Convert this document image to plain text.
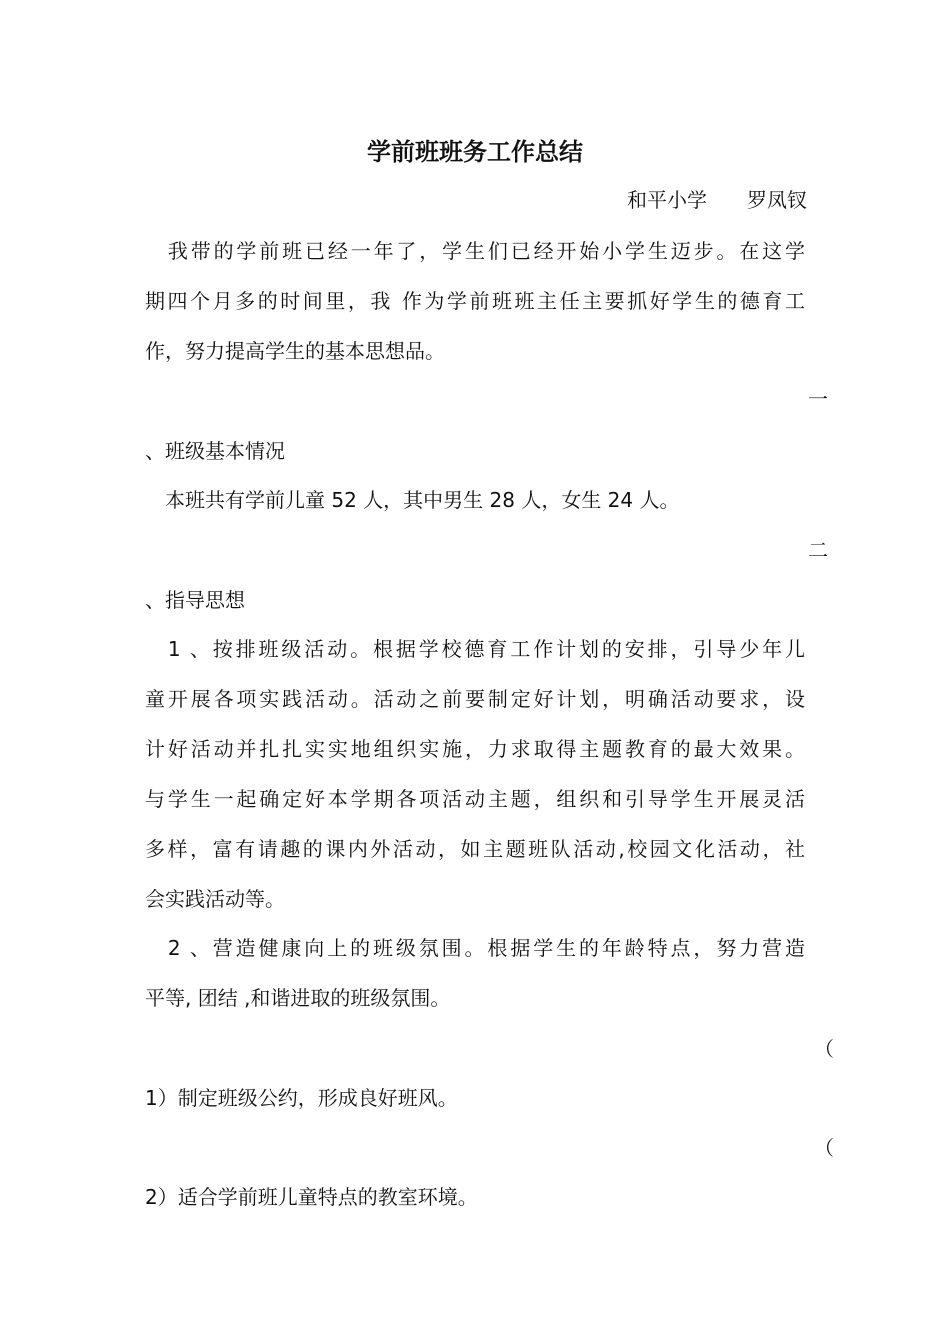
学前班班务工作总结
和平小学　　罗凤钗
　我带的学前班已经一年了，学生们已经开始小学生迈步。在这学
期四个月多的时间里，我 作为学前班班主任主要抓好学生的德育工
作，努力提高学生的基本思想品。
一
、班级基本情况
　本班共有学前儿童 52 人，其中男生 28 人，女生 24 人。
二
、指导思想
　1 、按排班级活动。根据学校德育工作计划的安排，引导少年儿
童开展各项实践活动。活动之前要制定好计划，明确活动要求，设
计好活动并扎扎实实地组织实施，力求取得主题教育的最大效果。
与学生一起确定好本学期各项活动主题，组织和引导学生开展灵活
多样，富有请趣的课内外活动，如主题班队活动,校园文化活动，社
会实践活动等。
　2 、营造健康向上的班级氛围。根据学生的年龄特点，努力营造
平等, 团结 ,和谐进取的班级氛围。
（
1）制定班级公约，形成良好班风。
（
2）适合学前班儿童特点的教室环境。
